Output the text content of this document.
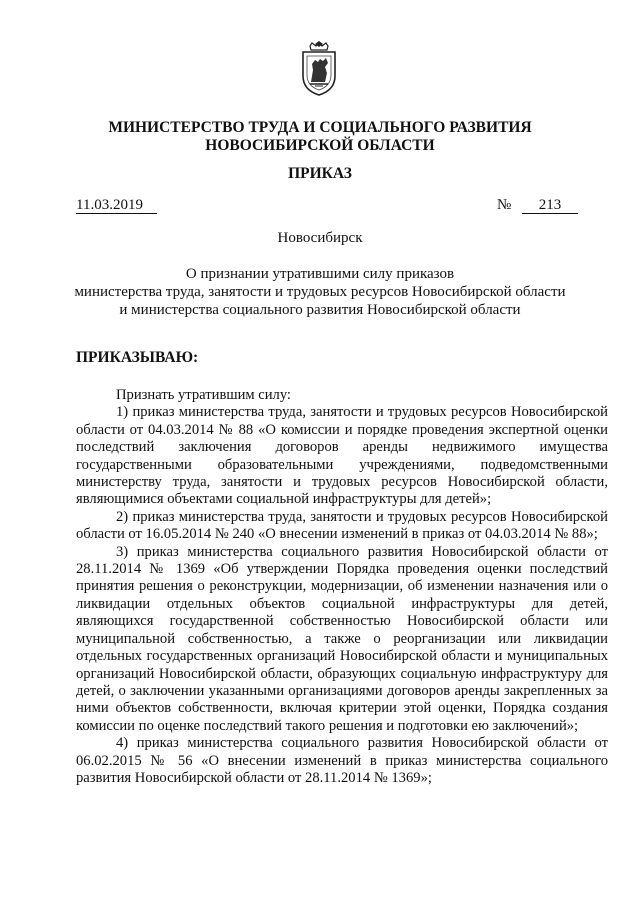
МИНИСТЕРСТВО ТРУДА И СОЦИАЛЬНОГО РАЗВИТИЯ
НОВОСИБИРСКОЙ ОБЛАСТИ
ПРИКАЗ
11.03.2019	№	213
Новосибирск
О признании утратившими силу приказов
министерства труда, занятости и трудовых ресурсов Новосибирской области
и министерства социального развития Новосибирской области
ПРИКАЗЫВАЮ:

Признать утратившим силу:

1) приказ министерства труда, занятости и трудовых ресурсов Новосибирской области от 04.03.2014 № 88 «О комиссии и порядке проведения экспертной оценки последствий заключения договоров аренды недвижимого имущества государственными образовательными учреждениями, подведомственными министерству труда, занятости и трудовых ресурсов Новосибирской области, являющимися объектами социальной инфраструктуры для детей»;

2) приказ министерства труда, занятости и трудовых ресурсов Новосибирской области от 16.05.2014 № 240 «О внесении изменений в приказ от 04.03.2014 № 88»;

3) приказ министерства социального развития Новосибирской области от 28.11.2014 № 1369 «Об утверждении Порядка проведения оценки последствий принятия решения о реконструкции, модернизации, об изменении назначения или о ликвидации отдельных объектов социальной инфраструктуры для детей, являющихся государственной собственностью Новосибирской области или муниципальной собственностью, а также о реорганизации или ликвидации отдельных государственных организаций Новосибирской области и муниципальных организаций Новосибирской области, образующих социальную инфраструктуру для детей, о заключении указанными организациями договоров аренды закрепленных за ними объектов собственности, включая критерии этой оценки, Порядка создания комиссии по оценке последствий такого решения и подготовки ею заключений»;

4) приказ министерства социального развития Новосибирской области от 06.02.2015 № 56 «О внесении изменений в приказ министерства социального развития Новосибирской области от 28.11.2014 № 1369»;
